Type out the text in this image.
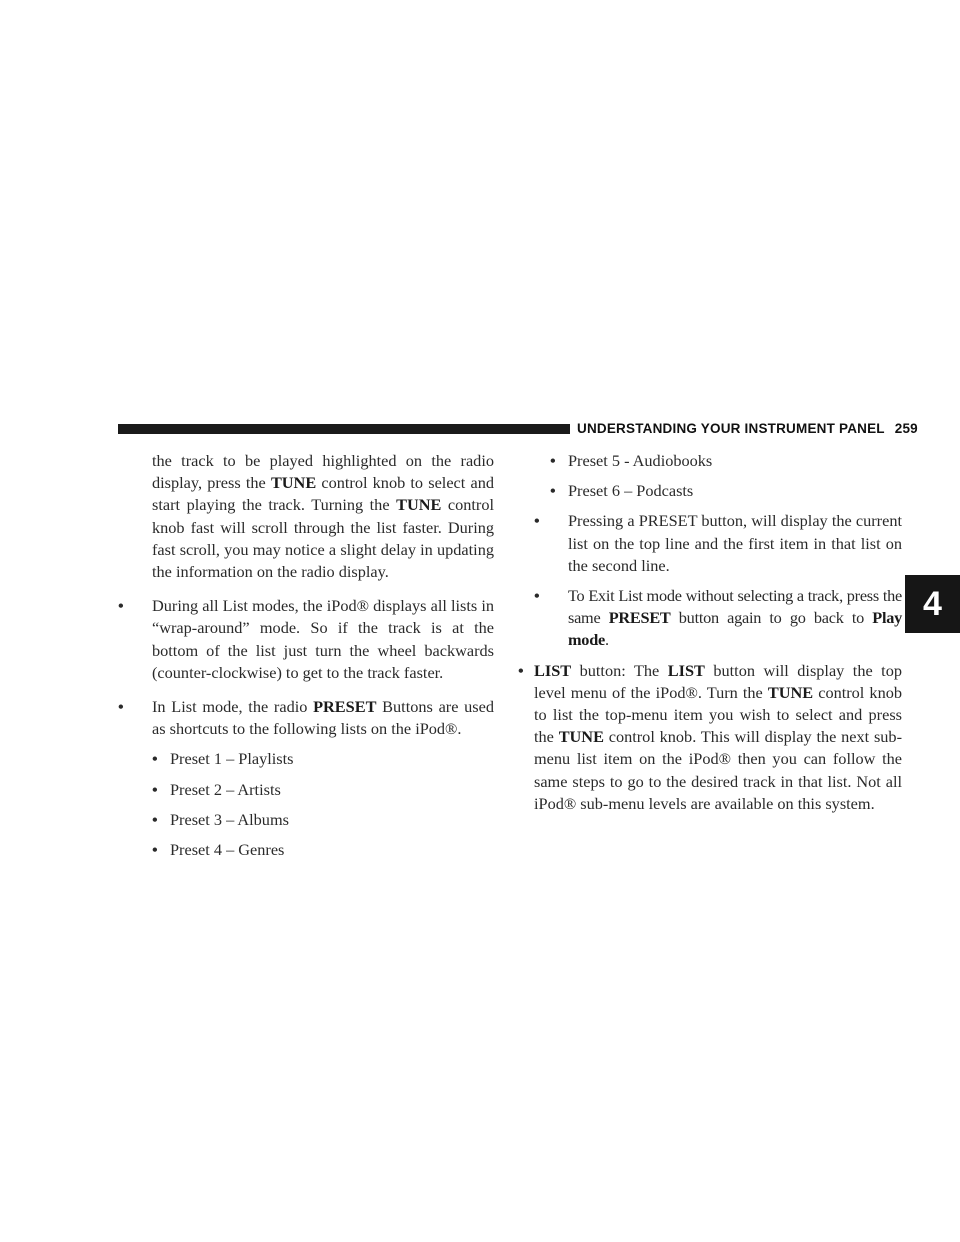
UNDERSTANDING YOUR INSTRUMENT PANEL 259
4

the track to be played highlighted on the radio display, press the TUNE control knob to select and start playing the track. Turning the TUNE control knob fast will scroll through the list faster. During fast scroll, you may notice a slight delay in updating the information on the radio display.

• During all List modes, the iPod® displays all lists in “wrap-around” mode. So if the track is at the bottom of the list just turn the wheel backwards (counter-clockwise) to get to the track faster.
• In List mode, the radio PRESET Buttons are used as shortcuts to the following lists on the iPod®.
• Preset 1 – Playlists
• Preset 2 – Artists
• Preset 3 – Albums
• Preset 4 – Genres
• Preset 5 - Audiobooks
• Preset 6 – Podcasts
• Pressing a PRESET button, will display the current list on the top line and the first item in that list on the second line.
• To Exit List mode without selecting a track, press the same PRESET button again to go back to Play mode.
• LIST button: The LIST button will display the top level menu of the iPod®. Turn the TUNE control knob to list the top-menu item you wish to select and press the TUNE control knob. This will display the next sub-menu list item on the iPod® then you can follow the same steps to go to the desired track in that list. Not all iPod® sub-menu levels are available on this system.
